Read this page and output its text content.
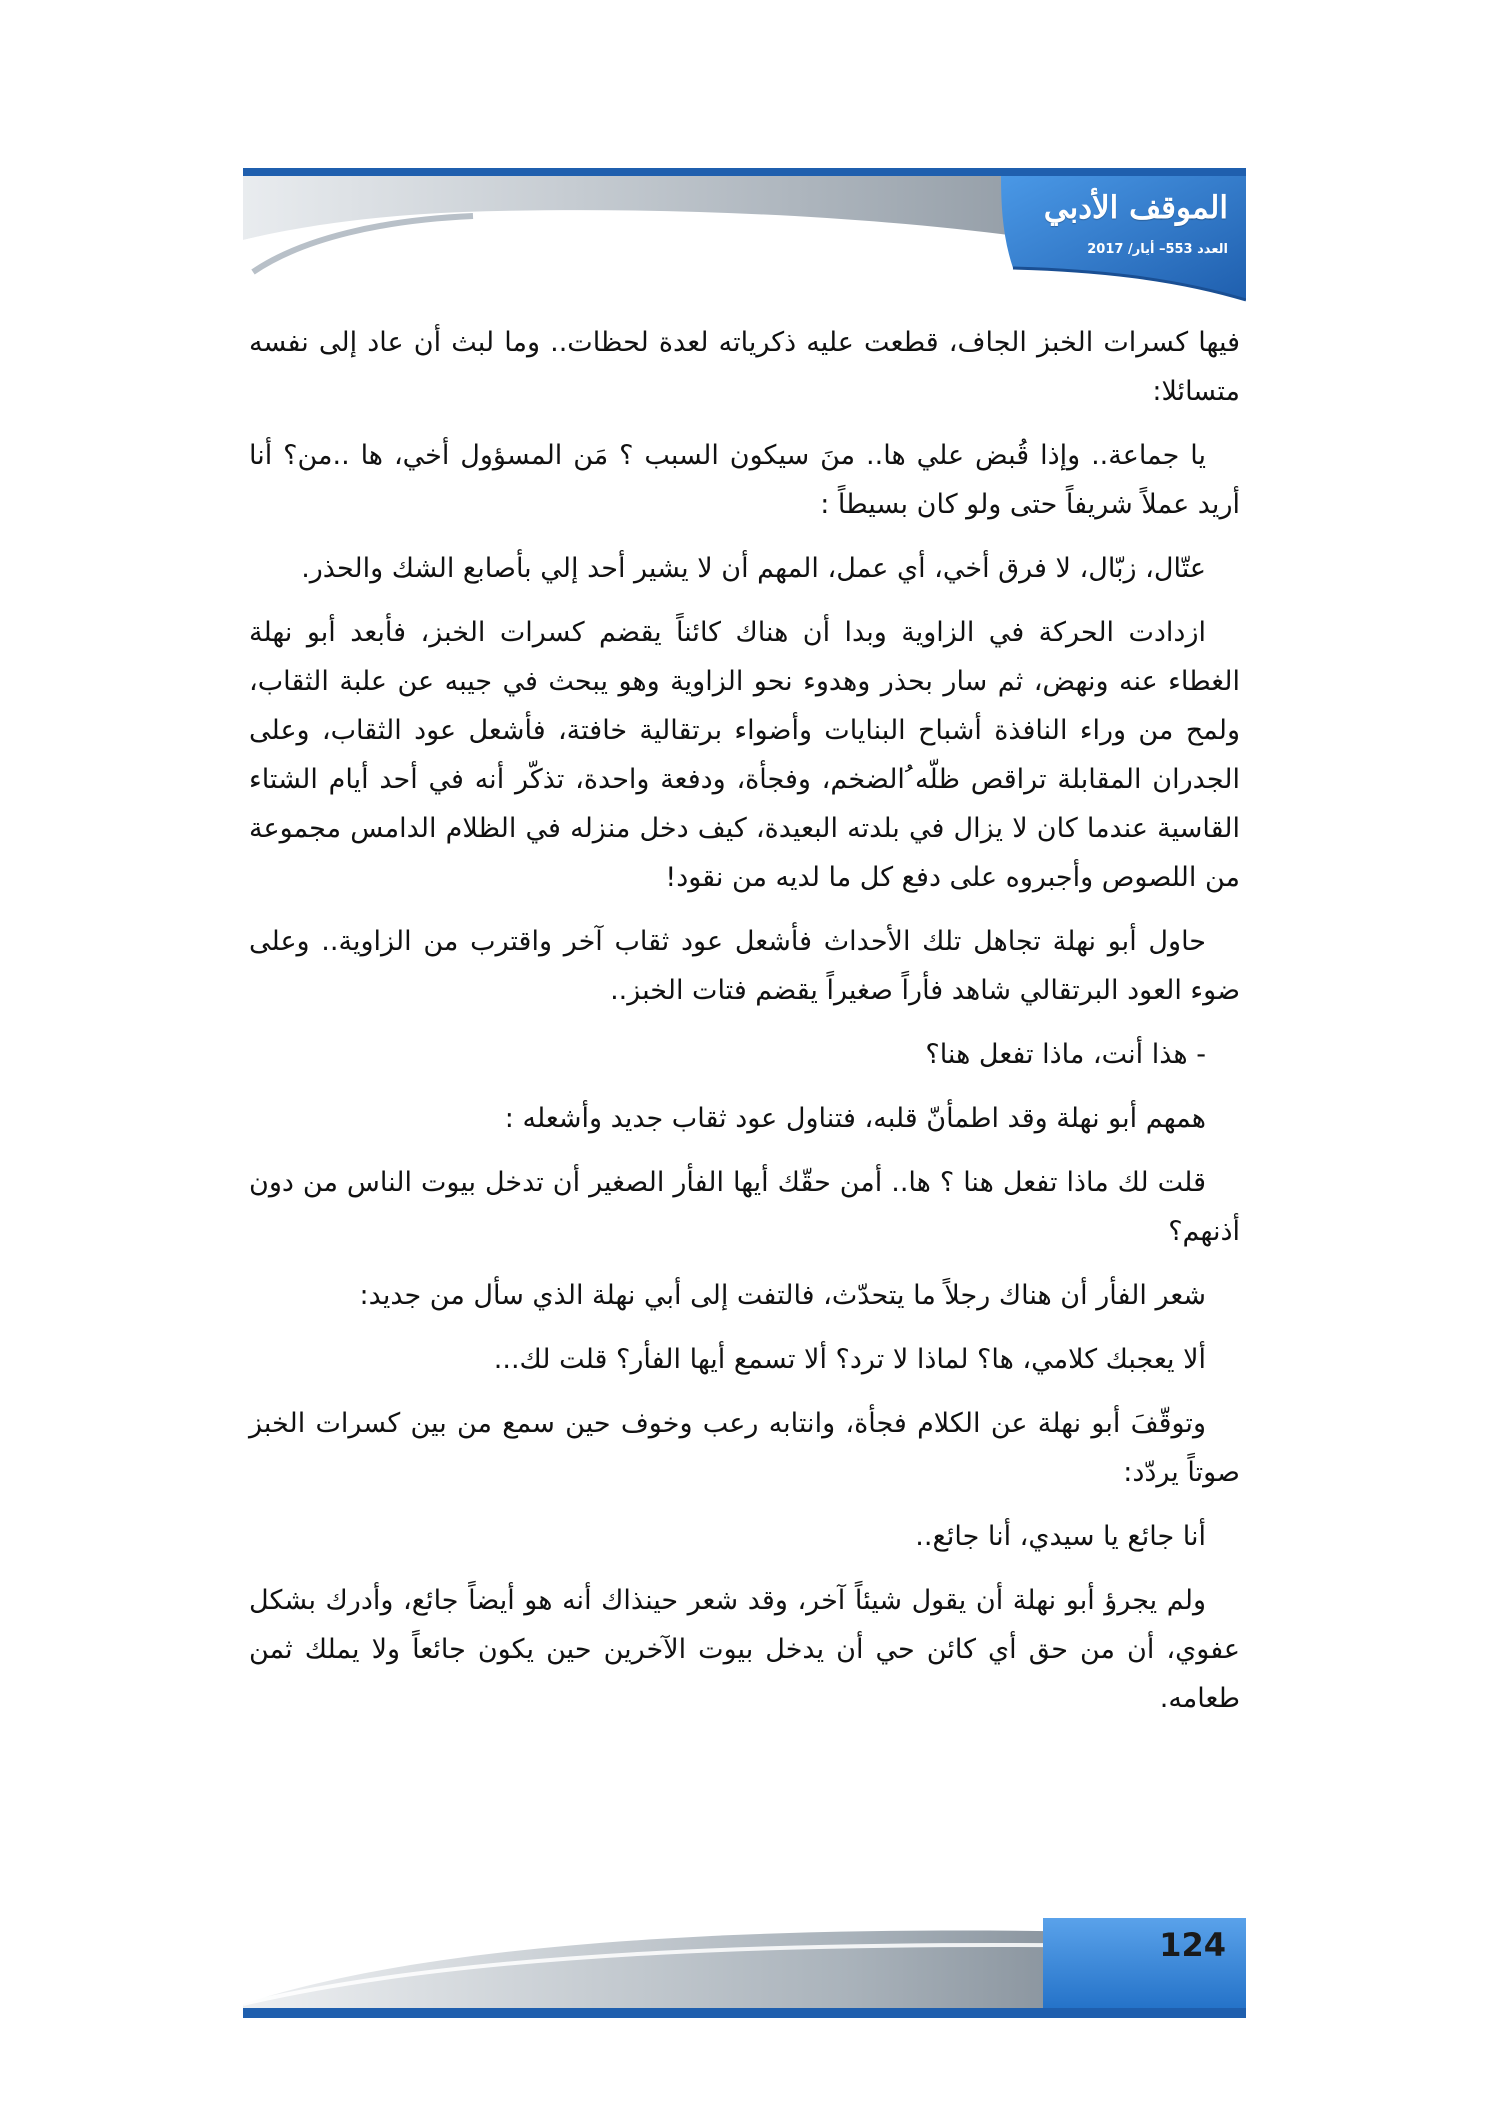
الموقف الأدبي
العدد 553– أيار/ 2017

فيها كسرات الخبز الجاف، قطعت عليه ذكرياته لعدة لحظات.. وما لبث أن عاد إلى نفسه متسائلا:

يا جماعة.. وإذا قُبض علي ها.. منَ سيكون السبب ؟ مَن المسؤول أخي، ها ..من؟ أنا أريد عملاً شريفاً حتى ولو كان بسيطاً :

عتّال، زبّال، لا فرق أخي، أي عمل، المهم أن لا يشير أحد إلي بأصابع الشك والحذر.

ازدادت الحركة في الزاوية وبدا أن هناك كائناً يقضم كسرات الخبز، فأبعد أبو نهلة الغطاء عنه ونهض، ثم سار بحذر وهدوء نحو الزاوية وهو يبحث في جيبه عن علبة الثقاب، ولمح من وراء النافذة أشباح البنايات وأضواء برتقالية خافتة، فأشعل عود الثقاب، وعلى الجدران المقابلة تراقص ظلّه ُالضخم، وفجأة، ودفعة واحدة، تذكّر أنه في أحد أيام الشتاء القاسية عندما كان لا يزال في بلدته البعيدة، كيف دخل منزله في الظلام الدامس مجموعة من اللصوص وأجبروه على دفع كل ما لديه من نقود!

حاول أبو نهلة تجاهل تلك الأحداث فأشعل عود ثقاب آخر واقترب من الزاوية.. وعلى ضوء العود البرتقالي شاهد فأراً صغيراً يقضم فتات الخبز..

- هذا أنت، ماذا تفعل هنا؟

همهم أبو نهلة وقد اطمأنّ قلبه، فتناول عود ثقاب جديد وأشعله :

قلت لك ماذا تفعل هنا ؟ ها.. أمن حقّك أيها الفأر الصغير أن تدخل بيوت الناس من دون أذنهم؟

شعر الفأر أن هناك رجلاً ما يتحدّث، فالتفت إلى أبي نهلة الذي سأل من جديد:

ألا يعجبك كلامي، ها؟ لماذا لا ترد؟ ألا تسمع أيها الفأر؟ قلت لك...

وتوقّفَ أبو نهلة عن الكلام فجأة، وانتابه رعب وخوف حين سمع من بين كسرات الخبز صوتاً يردّد:

أنا جائع يا سيدي، أنا جائع..

ولم يجرؤ أبو نهلة أن يقول شيئاً آخر، وقد شعر حينذاك أنه هو أيضاً جائع، وأدرك بشكل عفوي، أن من حق أي كائن حي أن يدخل بيوت الآخرين حين يكون جائعاً ولا يملك ثمن طعامه.

124
